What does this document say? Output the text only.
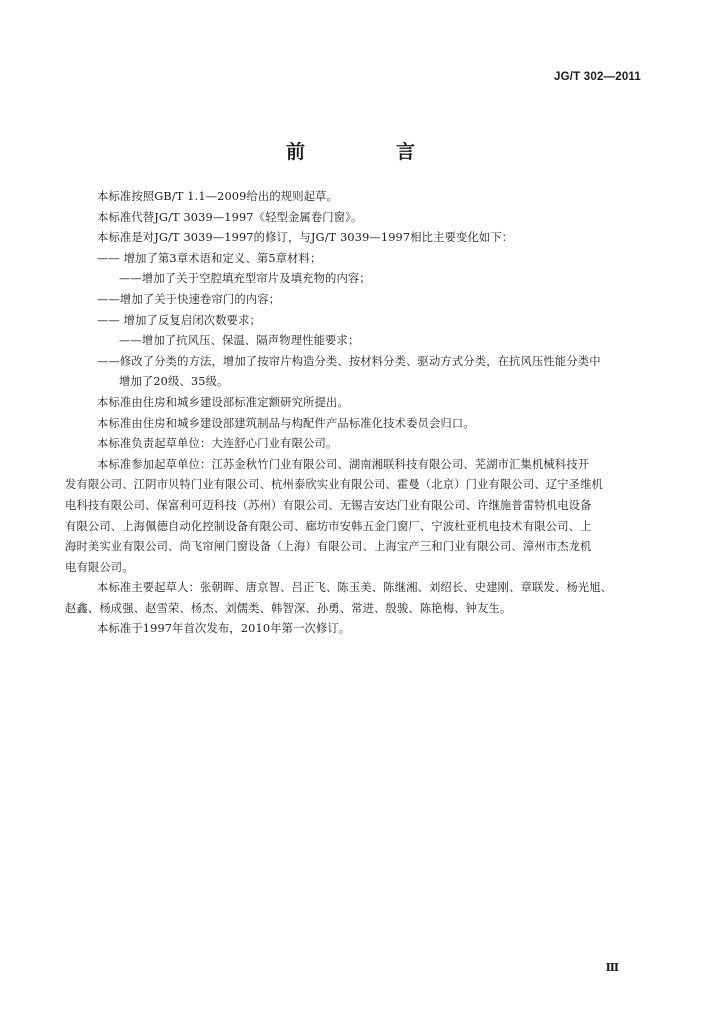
JG/T 302—2011
前　言
本标准按照GB/T 1.1—2009给出的规则起草。
本标准代替JG/T 3039—1997《轻型金属卷门窗》。
本标准是对JG/T 3039—1997的修订，与JG/T 3039—1997相比主要变化如下：
—— 增加了第3章术语和定义、第5章材料；
——增加了关于空腔填充型帘片及填充物的内容；
——增加了关于快速卷帘门的内容；
—— 增加了反复启闭次数要求；
——增加了抗风压、保温、隔声物理性能要求；
——修改了分类的方法，增加了按帘片构造分类、按材料分类、驱动方式分类，在抗风压性能分类中
增加了20级、35级。
本标准由住房和城乡建设部标准定额研究所提出。
本标准由住房和城乡建设部建筑制品与构配件产品标准化技术委员会归口。
本标准负责起草单位：大连舒心门业有限公司。
本标准参加起草单位：江苏金秋竹门业有限公司、湖南湘联科技有限公司、芜湖市汇集机械科技开
发有限公司、江阴市贝特门业有限公司、杭州泰欣实业有限公司、霍曼（北京）门业有限公司、辽宁圣维机
电科技有限公司、保富利可迈科技（苏州）有限公司、无锡吉安达门业有限公司、许继施普雷特机电设备
有限公司、上海佩德自动化控制设备有限公司、廊坊市安韩五金门窗厂、宁波杜亚机电技术有限公司、上
海时美实业有限公司、尚飞帘闸门窗设备（上海）有限公司、上海宝产三和门业有限公司、漳州市杰龙机
电有限公司。
本标准主要起草人：张朝晖、唐京智、吕正飞、陈玉美、陈继湘、刘绍长、史建刚、章联发、杨光旭、
赵鑫、杨成强、赵雪荣、杨杰、刘儒类、韩智深、孙勇、常进、殷骏、陈艳梅、钟友生。
本标准于1997年首次发布，2010年第一次修订。
Ⅲ
